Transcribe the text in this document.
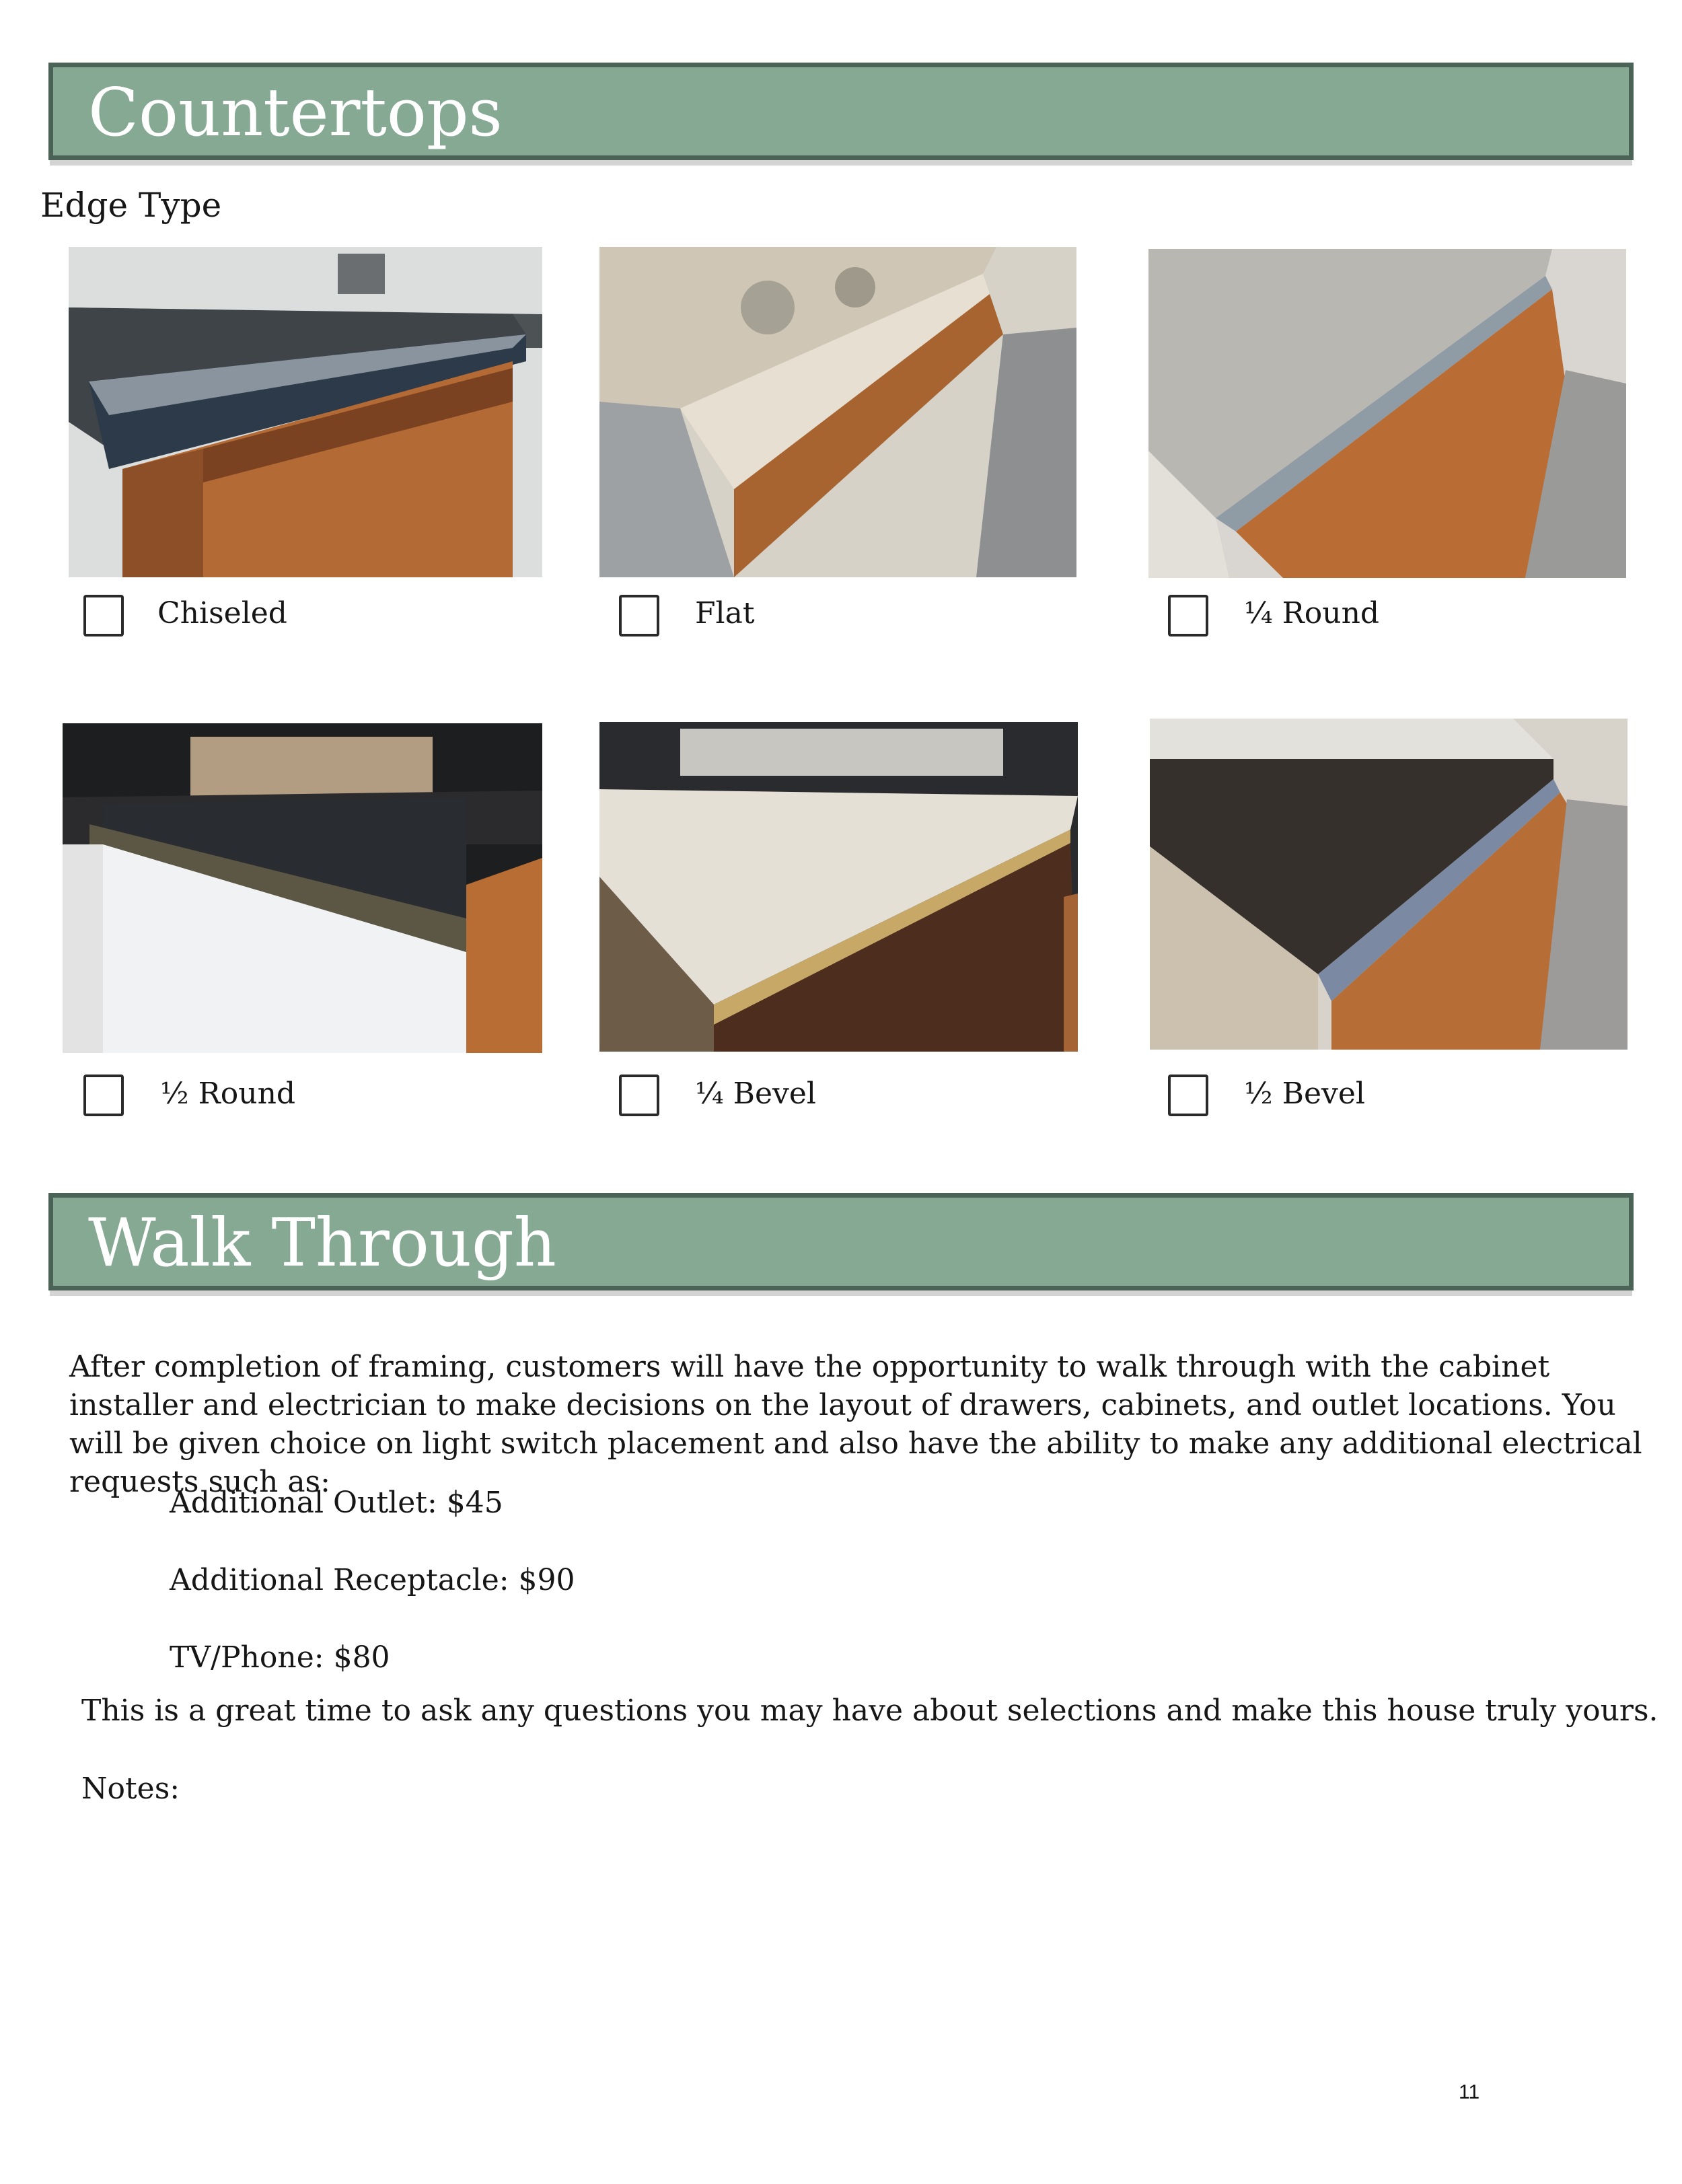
Countertops
Edge Type
Chiseled	Flat	¼ Round
½ Round	¼ Bevel	½ Bevel
Walk Through
After completion of framing, customers will have the opportunity to walk through with the cabinet installer and electrician to make decisions on the layout of drawers, cabinets, and outlet locations. You will be given choice on light switch placement and also have the ability to make any additional electrical requests such as:
Additional Outlet: $45
Additional Receptacle: $90
TV/Phone: $80
This is a great time to ask any questions you may have about selections and make this house truly yours.
Notes:
11
